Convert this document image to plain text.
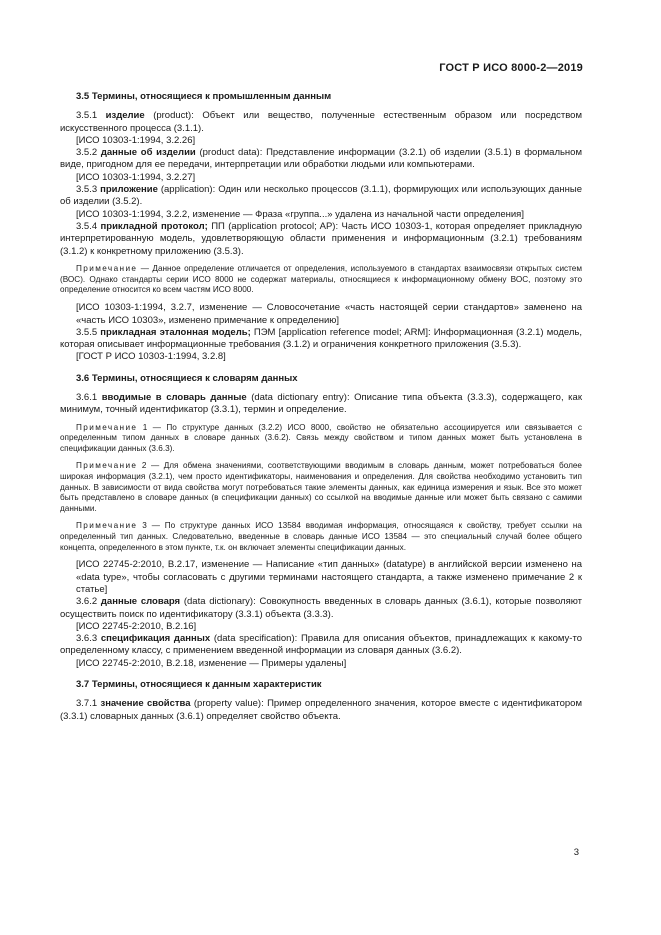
ГОСТ Р ИСО 8000-2—2019

3.5 Термины, относящиеся к промышленным данным

3.5.1 изделие (product): Объект или вещество, полученные естественным образом или посредством искусственного процесса (3.1.1).

[ИСО 10303-1:1994, 3.2.26]

3.5.2 данные об изделии (product data): Представление информации (3.2.1) об изделии (3.5.1) в формальном виде, пригодном для ее передачи, интерпретации или обработки людьми или компьютерами.

[ИСО 10303-1:1994, 3.2.27]

3.5.3 приложение (application): Один или несколько процессов (3.1.1), формирующих или использующих данные об изделии (3.5.2).

[ИСО 10303-1:1994, 3.2.2, изменение — Фраза «группа...» удалена из начальной части определения]

3.5.4 прикладной протокол; ПП (application protocol; AP): Часть ИСО 10303-1, которая определяет прикладную интерпретированную модель, удовлетворяющую области применения и информационным (3.2.1) требованиям (3.1.2) к конкретному приложению (3.5.3).

Примечание — Данное определение отличается от определения, используемого в стандартах взаимосвязи открытых систем (ВОС). Однако стандарты серии ИСО 8000 не содержат материалы, относящиеся к информационному обмену ВОС, поэтому это определение относится ко всем частям ИСО 8000.

[ИСО 10303-1:1994, 3.2.7, изменение — Словосочетание «часть настоящей серии стандартов» заменено на «часть ИСО 10303», изменено примечание к определению]

3.5.5 прикладная эталонная модель; ПЭМ [application reference model; ARM]: Информационная (3.2.1) модель, которая описывает информационные требования (3.1.2) и ограничения конкретного приложения (3.5.3).

[ГОСТ Р ИСО 10303-1:1994, 3.2.8]

3.6 Термины, относящиеся к словарям данных

3.6.1 вводимые в словарь данные (data dictionary entry): Описание типа объекта (3.3.3), содержащего, как минимум, точный идентификатор (3.3.1), термин и определение.

Примечание 1 — По структуре данных (3.2.2) ИСО 8000, свойство не обязательно ассоциируется или связывается с определенным типом данных в словаре данных (3.6.2). Связь между свойством и типом данных может быть установлена в спецификации данных (3.6.3).

Примечание 2 — Для обмена значениями, соответствующими вводимым в словарь данным, может потребоваться более широкая информация (3.2.1), чем просто идентификаторы, наименования и определения. Для свойства необходимо установить тип данных. В зависимости от вида свойства могут потребоваться такие элементы данных, как единица измерения и язык. Все это может быть представлено в словаре данных (в спецификации данных) со ссылкой на вводимые данные или может быть связано с самими данными.

Примечание 3 — По структуре данных ИСО 13584 вводимая информация, относящаяся к свойству, требует ссылки на определенный тип данных. Следовательно, введенные в словарь данные ИСО 13584 — это специальный случай более общего концепта, определенного в этом пункте, т.к. он включает элементы спецификации данных.

[ИСО 22745-2:2010, В.2.17, изменение — Написание «тип данных» (datatype) в английской версии изменено на «data type», чтобы согласовать с другими терминами настоящего стандарта, а также изменено примечание 2 к статье]

3.6.2 данные словаря (data dictionary): Совокупность введенных в словарь данных (3.6.1), которые позволяют осуществить поиск по идентификатору (3.3.1) объекта (3.3.3).

[ИСО 22745-2:2010, В.2.16]

3.6.3 спецификация данных (data specification): Правила для описания объектов, принадлежащих к какому-то определенному классу, с применением введенной информации из словаря данных (3.6.2).

[ИСО 22745-2:2010, В.2.18, изменение — Примеры удалены]

3.7 Термины, относящиеся к данным характеристик

3.7.1 значение свойства (property value): Пример определенного значения, которое вместе с идентификатором (3.3.1) словарных данных (3.6.1) определяет свойство объекта.

3
